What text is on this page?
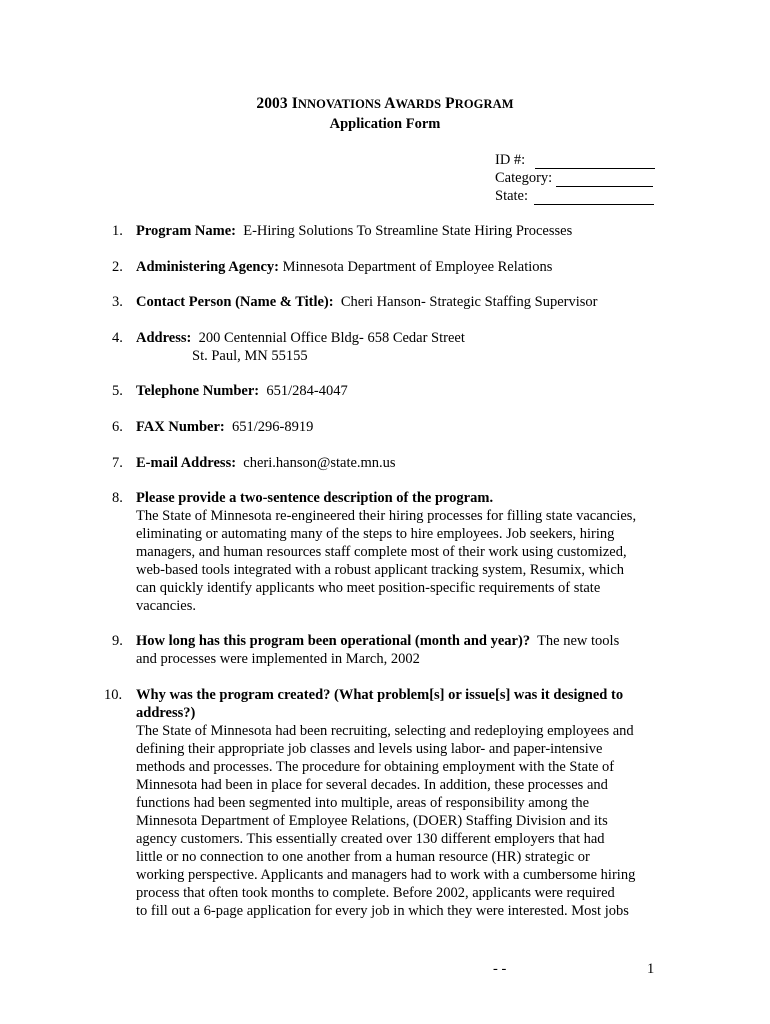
2003 INNOVATIONS AWARDS PROGRAM
Application Form
ID #:
Category:
State:
1. Program Name: E-Hiring Solutions To Streamline State Hiring Processes
2. Administering Agency: Minnesota Department of Employee Relations
3. Contact Person (Name & Title): Cheri Hanson- Strategic Staffing Supervisor
4. Address: 200 Centennial Office Bldg- 658 Cedar Street
St. Paul, MN 55155
5. Telephone Number: 651/284-4047
6. FAX Number: 651/296-8919
7. E-mail Address: cheri.hanson@state.mn.us
8. Please provide a two-sentence description of the program.
The State of Minnesota re-engineered their hiring processes for filling state vacancies,
eliminating or automating many of the steps to hire employees. Job seekers, hiring
managers, and human resources staff complete most of their work using customized,
web-based tools integrated with a robust applicant tracking system, Resumix, which
can quickly identify applicants who meet position-specific requirements of state
vacancies.
9. How long has this program been operational (month and year)? The new tools
and processes were implemented in March, 2002
10. Why was the program created? (What problem[s] or issue[s] was it designed to
address?)
The State of Minnesota had been recruiting, selecting and redeploying employees and
defining their appropriate job classes and levels using labor- and paper-intensive
methods and processes. The procedure for obtaining employment with the State of
Minnesota had been in place for several decades. In addition, these processes and
functions had been segmented into multiple, areas of responsibility among the
Minnesota Department of Employee Relations, (DOER) Staffing Division and its
agency customers. This essentially created over 130 different employers that had
little or no connection to one another from a human resource (HR) strategic or
working perspective. Applicants and managers had to work with a cumbersome hiring
process that often took months to complete. Before 2002, applicants were required
to fill out a 6-page application for every job in which they were interested. Most jobs
- -	1
